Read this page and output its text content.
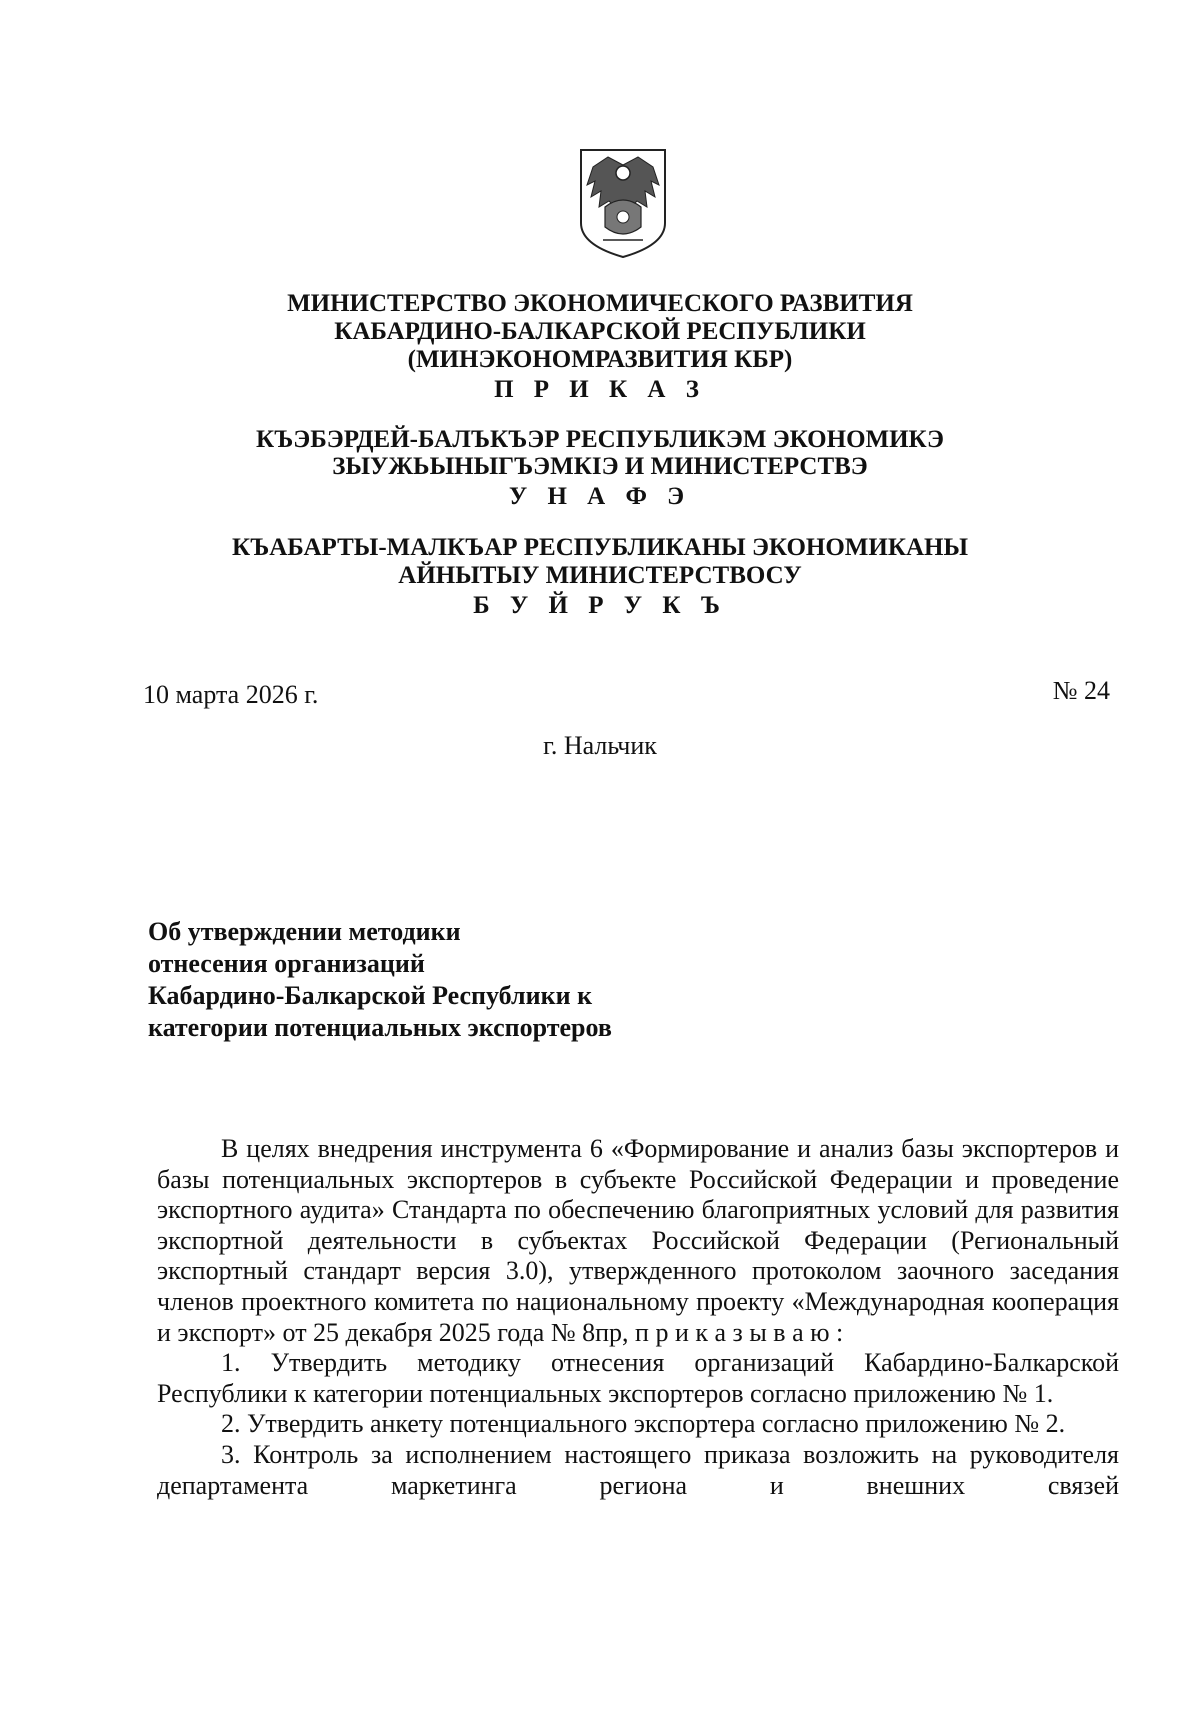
МИНИСТЕРСТВО ЭКОНОМИЧЕСКОГО РАЗВИТИЯ
КАБАРДИНО-БАЛКАРСКОЙ РЕСПУБЛИКИ
(МИНЭКОНОМРАЗВИТИЯ КБР)
П Р И К А З
КЪЭБЭРДЕЙ-БАЛЪКЪЭР РЕСПУБЛИКЭМ ЭКОНОМИКЭ
ЗЫУЖЬЫНЫГЪЭМКІЭ И МИНИСТЕРСТВЭ
У Н А Ф Э
КЪАБАРТЫ-МАЛКЪАР РЕСПУБЛИКАНЫ ЭКОНОМИКАНЫ
АЙНЫТЫУ МИНИСТЕРСТВОСУ
Б У Й Р У К Ъ
10 марта 2026 г.	№ 24
г. Нальчик
Об утверждении методики
отнесения организаций
Кабардино-Балкарской Республики к
категории потенциальных экспортеров

В целях внедрения инструмента 6 «Формирование и анализ базы экспортеров и базы потенциальных экспортеров в субъекте Российской Федерации и проведение экспортного аудита» Стандарта по обеспечению благоприятных условий для развития экспортной деятельности в субъектах Российской Федерации (Региональный экспортный стандарт версия 3.0), утвержденного протоколом заочного заседания членов проектного комитета по национальному проекту «Международная кооперация и экспорт» от 25 декабря 2025 года № 8пр, п р и к а з ы в а ю :

1. Утвердить методику отнесения организаций Кабардино-Балкарской Республики к категории потенциальных экспортеров согласно приложению № 1.

2. Утвердить анкету потенциального экспортера согласно приложению № 2.

3. Контроль за исполнением настоящего приказа возложить на руководителя департамента маркетинга региона и внешних связей
